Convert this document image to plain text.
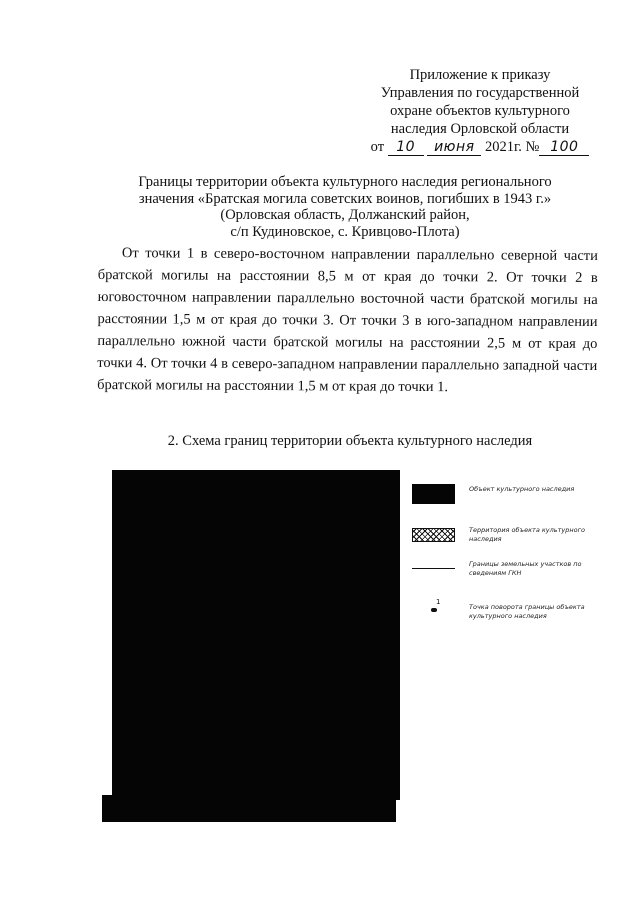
Приложение к приказу
Управления по государственной
охране объектов культурного
наследия Орловской области
от 10 июня 2021г. № 100
Границы территории объекта культурного наследия регионального
значения «Братская могила советских воинов, погибших в 1943 г.»
(Орловская область, Должанский район,
с/п Кудиновское, с. Кривцово-Плота)
От точки 1 в северо-восточном направлении параллельно северной части братской могилы на расстоянии 8,5 м от края до точки 2. От точки 2 в юговосточном направлении параллельно восточной части братской могилы на расстоянии 1,5 м от края до точки 3. От точки 3 в юго-западном направлении параллельно южной части братской могилы на расстоянии 2,5 м от края до точки 4. От точки 4 в северо-западном направлении параллельно западной части братской могилы на расстоянии 1,5 м от края до точки 1.
2. Схема границ территории объекта культурного наследия
Объект культурного наследия
Территория объекта культурного наследия
Границы земельных участков по сведениям ГКН
1
Точка поворота границы объекта культурного наследия
